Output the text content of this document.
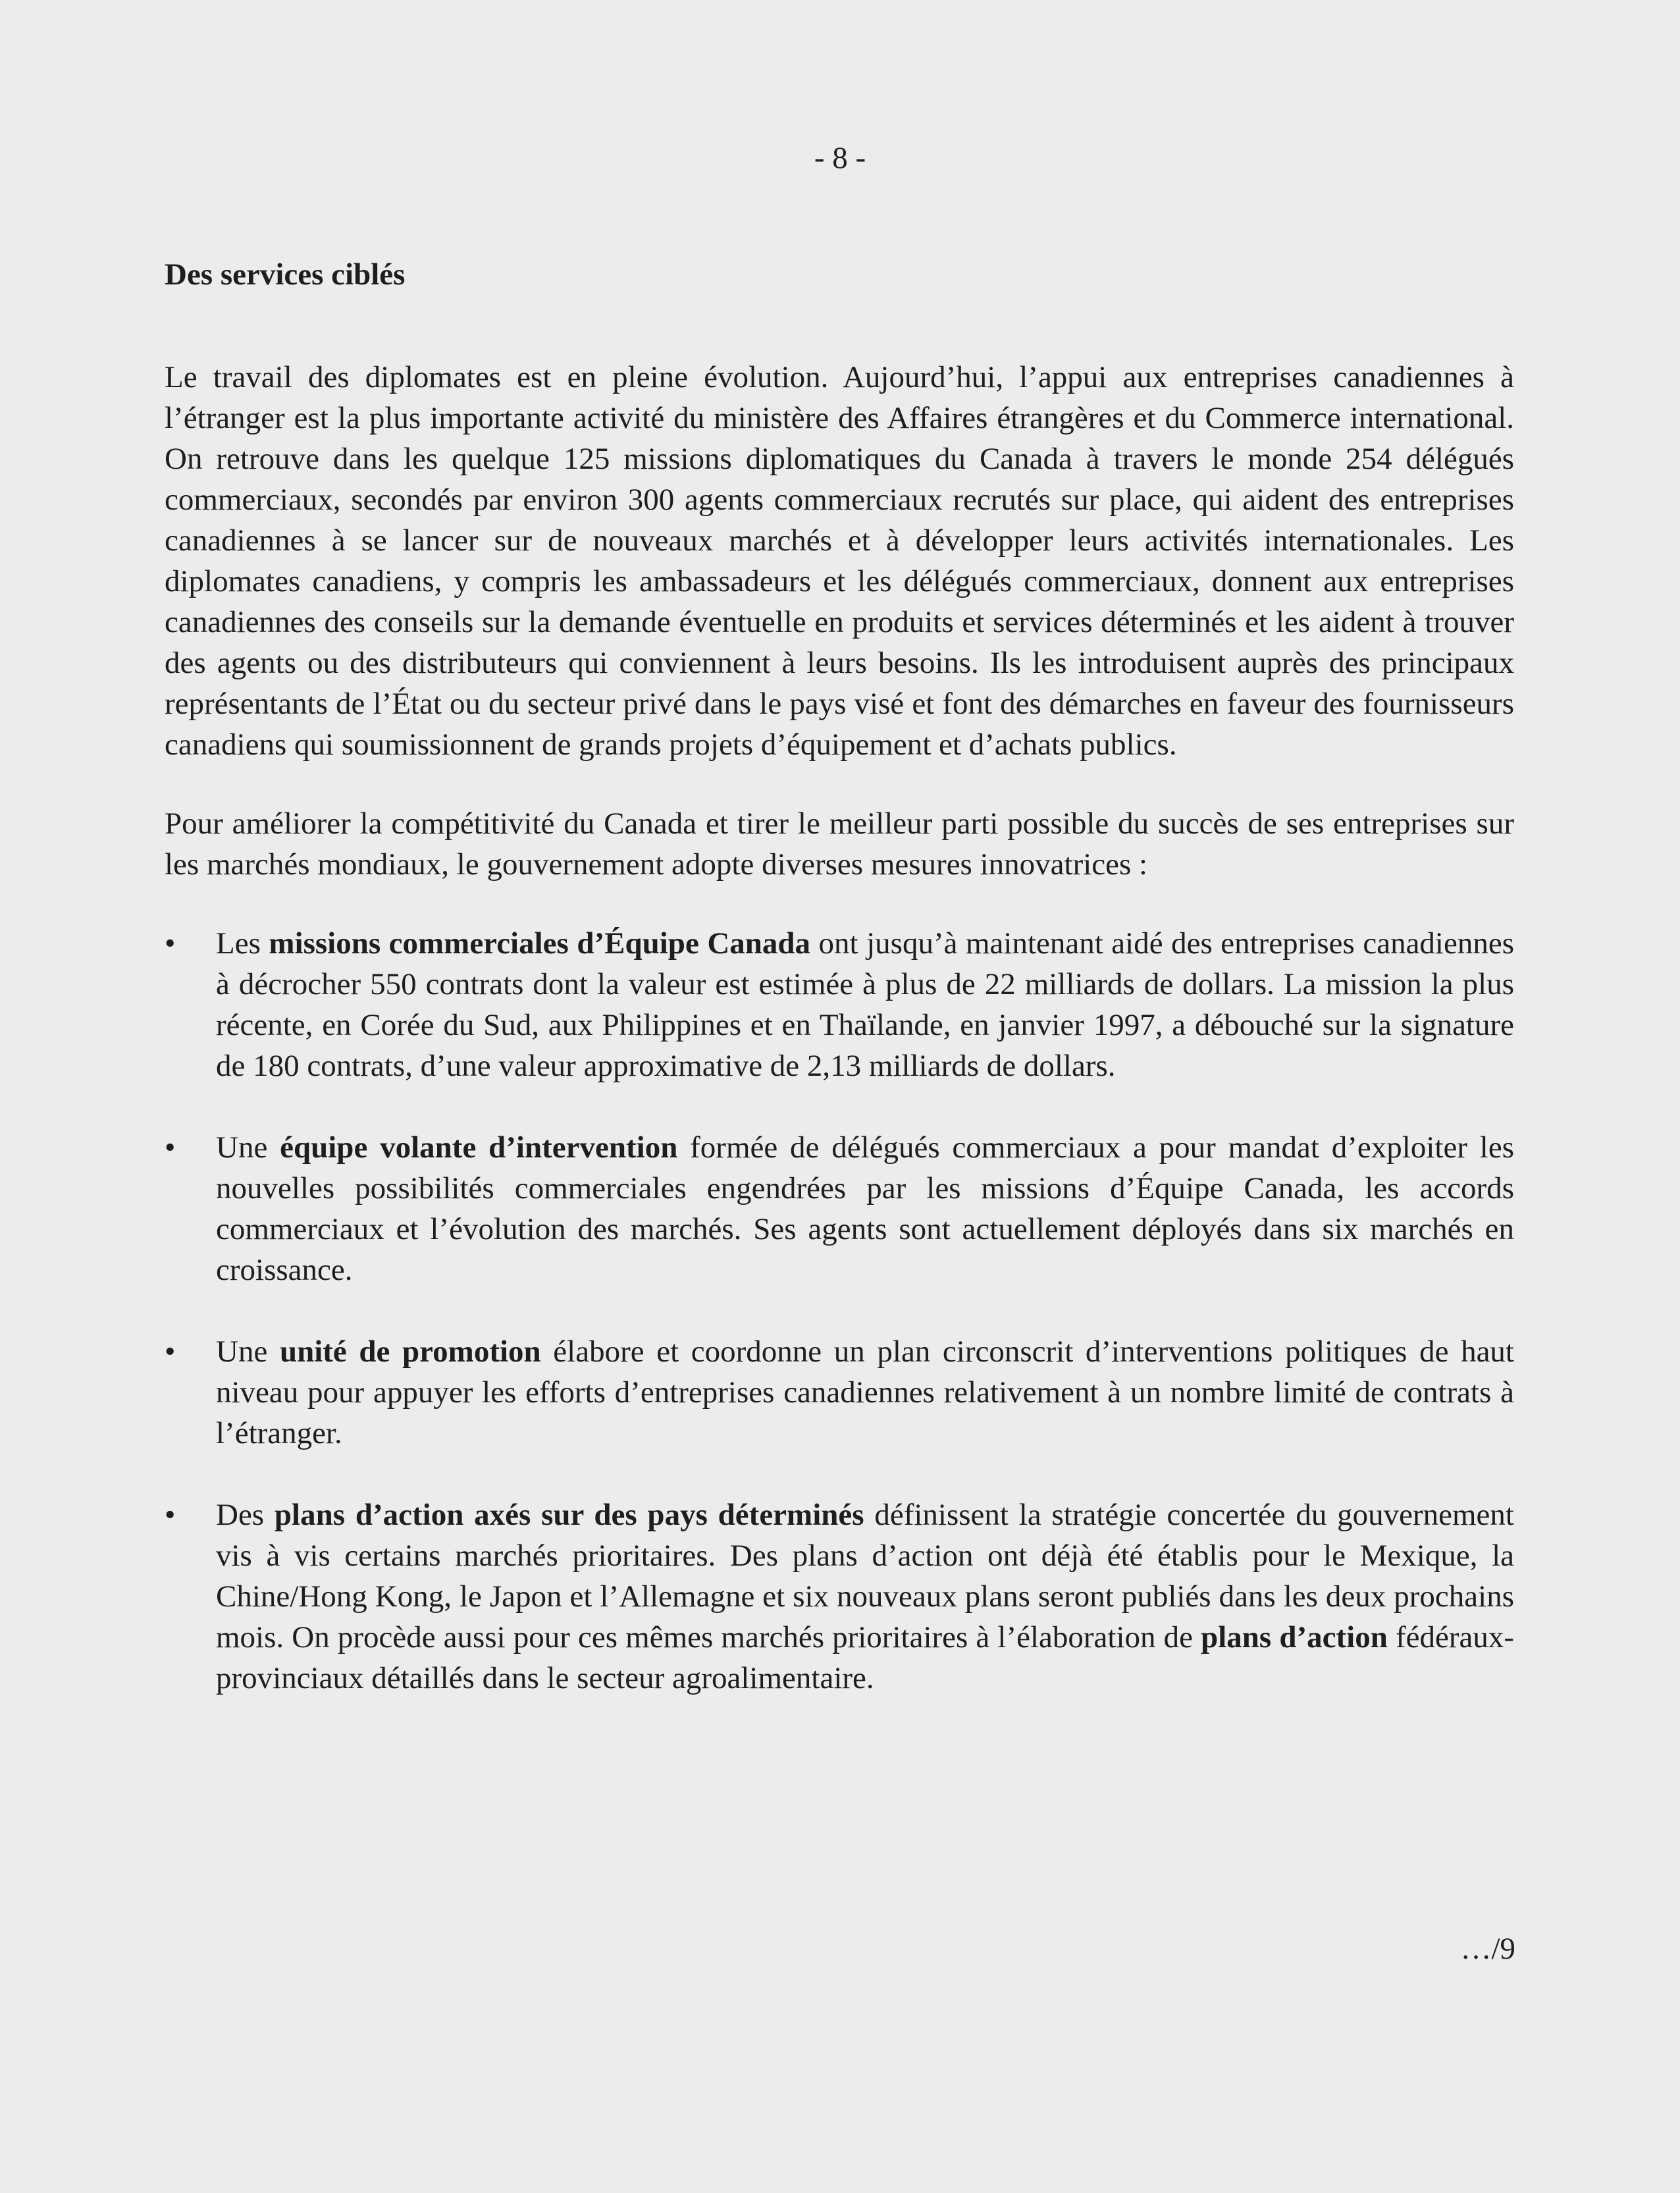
- 8 -
Des services ciblés

Le travail des diplomates est en pleine évolution. Aujourd’hui, l’appui aux entreprises canadiennes à l’étranger est la plus importante activité du ministère des Affaires étrangères et du Commerce international. On retrouve dans les quelque 125 missions diplomatiques du Canada à travers le monde 254 délégués commerciaux, secondés par environ 300 agents commerciaux recrutés sur place, qui aident des entreprises canadiennes à se lancer sur de nouveaux marchés et à développer leurs activités internationales. Les diplomates canadiens, y compris les ambassadeurs et les délégués commerciaux, donnent aux entreprises canadiennes des conseils sur la demande éventuelle en produits et services déterminés et les aident à trouver des agents ou des distributeurs qui conviennent à leurs besoins. Ils les introduisent auprès des principaux représentants de l’État ou du secteur privé dans le pays visé et font des démarches en faveur des fournisseurs canadiens qui soumissionnent de grands projets d’équipement et d’achats publics.

Pour améliorer la compétitivité du Canada et tirer le meilleur parti possible du succès de ses entreprises sur les marchés mondiaux, le gouvernement adopte diverses mesures innovatrices :

• Les missions commerciales d’Équipe Canada ont jusqu’à maintenant aidé des entreprises canadiennes à décrocher 550 contrats dont la valeur est estimée à plus de 22 milliards de dollars. La mission la plus récente, en Corée du Sud, aux Philippines et en Thaïlande, en janvier 1997, a débouché sur la signature de 180 contrats, d’une valeur approximative de 2,13 milliards de dollars.
• Une équipe volante d’intervention formée de délégués commerciaux a pour mandat d’exploiter les nouvelles possibilités commerciales engendrées par les missions d’Équipe Canada, les accords commerciaux et l’évolution des marchés. Ses agents sont actuellement déployés dans six marchés en croissance.
• Une unité de promotion élabore et coordonne un plan circonscrit d’interventions politiques de haut niveau pour appuyer les efforts d’entreprises canadiennes relativement à un nombre limité de contrats à l’étranger.
• Des plans d’action axés sur des pays déterminés définissent la stratégie concertée du gouvernement vis à vis certains marchés prioritaires. Des plans d’action ont déjà été établis pour le Mexique, la Chine/Hong Kong, le Japon et l’Allemagne et six nouveaux plans seront publiés dans les deux prochains mois. On procède aussi pour ces mêmes marchés prioritaires à l’élaboration de plans d’action fédéraux-provinciaux détaillés dans le secteur agroalimentaire.
…/9
